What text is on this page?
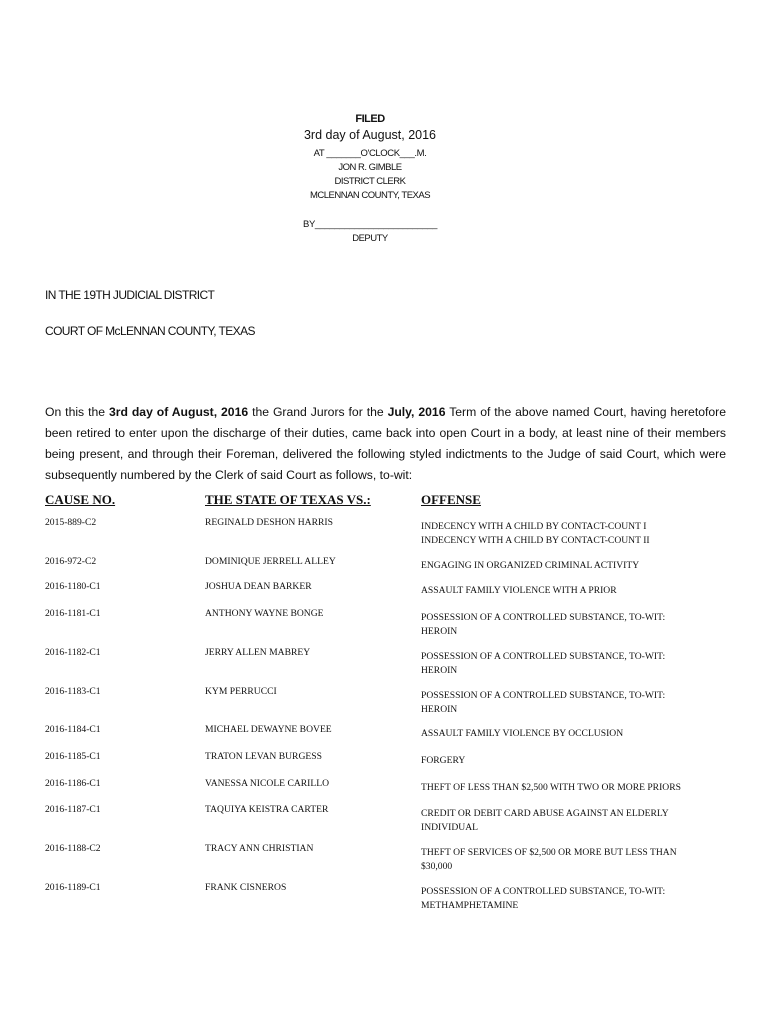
FILED
3rd day of August, 2016
AT _______O'CLOCK___.M.
JON R. GIMBLE
DISTRICT CLERK
MCLENNAN COUNTY, TEXAS
BY_________________________
DEPUTY
IN THE 19TH JUDICIAL DISTRICT
COURT OF McLENNAN COUNTY, TEXAS
On this the 3rd day of August, 2016 the Grand Jurors for the July, 2016 Term of the above named Court, having heretofore been retired to enter upon the discharge of their duties, came back into open Court in a body, at least nine of their members being present, and through their Foreman, delivered the following styled indictments to the Judge of said Court, which were subsequently numbered by the Clerk of said Court as follows, to-wit:
CAUSE NO.	THE STATE OF TEXAS VS.:	OFFENSE
2015-889-C2	REGINALD DESHON HARRIS	INDECENCY WITH A CHILD BY CONTACT-COUNT I
INDECENCY WITH A CHILD BY CONTACT-COUNT II
2016-972-C2	DOMINIQUE JERRELL ALLEY	ENGAGING IN ORGANIZED CRIMINAL ACTIVITY
2016-1180-C1	JOSHUA DEAN BARKER	ASSAULT FAMILY VIOLENCE WITH A PRIOR
2016-1181-C1	ANTHONY WAYNE BONGE	POSSESSION OF A CONTROLLED SUBSTANCE, TO-WIT:
HEROIN
2016-1182-C1	JERRY ALLEN MABREY	POSSESSION OF A CONTROLLED SUBSTANCE, TO-WIT:
HEROIN
2016-1183-C1	KYM PERRUCCI	POSSESSION OF A CONTROLLED SUBSTANCE, TO-WIT:
HEROIN
2016-1184-C1	MICHAEL DEWAYNE BOVEE	ASSAULT FAMILY VIOLENCE BY OCCLUSION
2016-1185-C1	TRATON LEVAN BURGESS	FORGERY
2016-1186-C1	VANESSA NICOLE CARILLO	THEFT OF LESS THAN $2,500 WITH TWO OR MORE PRIORS
2016-1187-C1	TAQUIYA KEISTRA CARTER	CREDIT OR DEBIT CARD ABUSE AGAINST AN ELDERLY
INDIVIDUAL
2016-1188-C2	TRACY ANN CHRISTIAN	THEFT OF SERVICES OF $2,500 OR MORE BUT LESS THAN
$30,000
2016-1189-C1	FRANK CISNEROS	POSSESSION OF A CONTROLLED SUBSTANCE, TO-WIT:
METHAMPHETAMINE
